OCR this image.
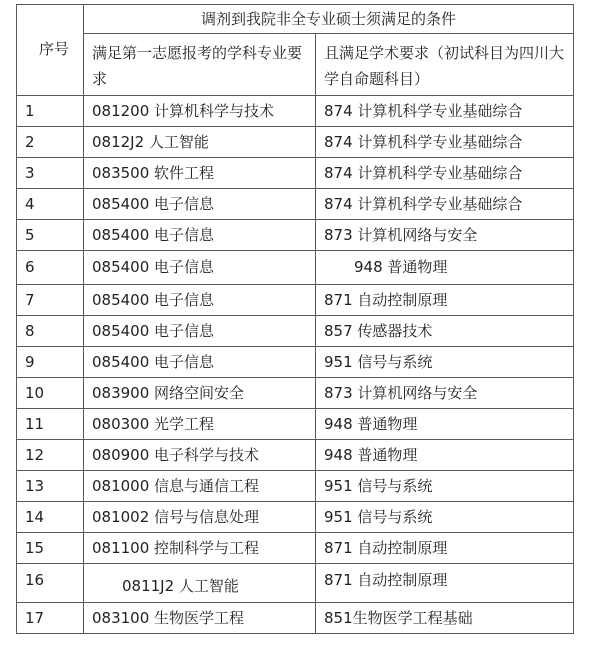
序号	调剂到我院非全专业硕士须满足的条件	
	满足第一志愿报考的学科专业要求	且满足学术要求（初试科目为四川大学自命题科目）
1	081200 计算机科学与技术	874 计算机科学专业基础综合
2	0812J2 人工智能	874 计算机科学专业基础综合
3	083500 软件工程	874 计算机科学专业基础综合
4	085400 电子信息	874 计算机科学专业基础综合
5	085400 电子信息	873 计算机网络与安全
6	085400 电子信息	948 普通物理
7	085400 电子信息	871 自动控制原理
8	085400 电子信息	857 传感器技术
9	085400 电子信息	951 信号与系统
10	083900 网络空间安全	873 计算机网络与安全
11	080300 光学工程	948 普通物理
12	080900 电子科学与技术	948 普通物理
13	081000 信息与通信工程	951 信号与系统
14	081002 信号与信息处理	951 信号与系统
15	081100 控制科学与工程	871 自动控制原理
16	0811J2 人工智能	871 自动控制原理
17	083100 生物医学工程	851生物医学工程基础
